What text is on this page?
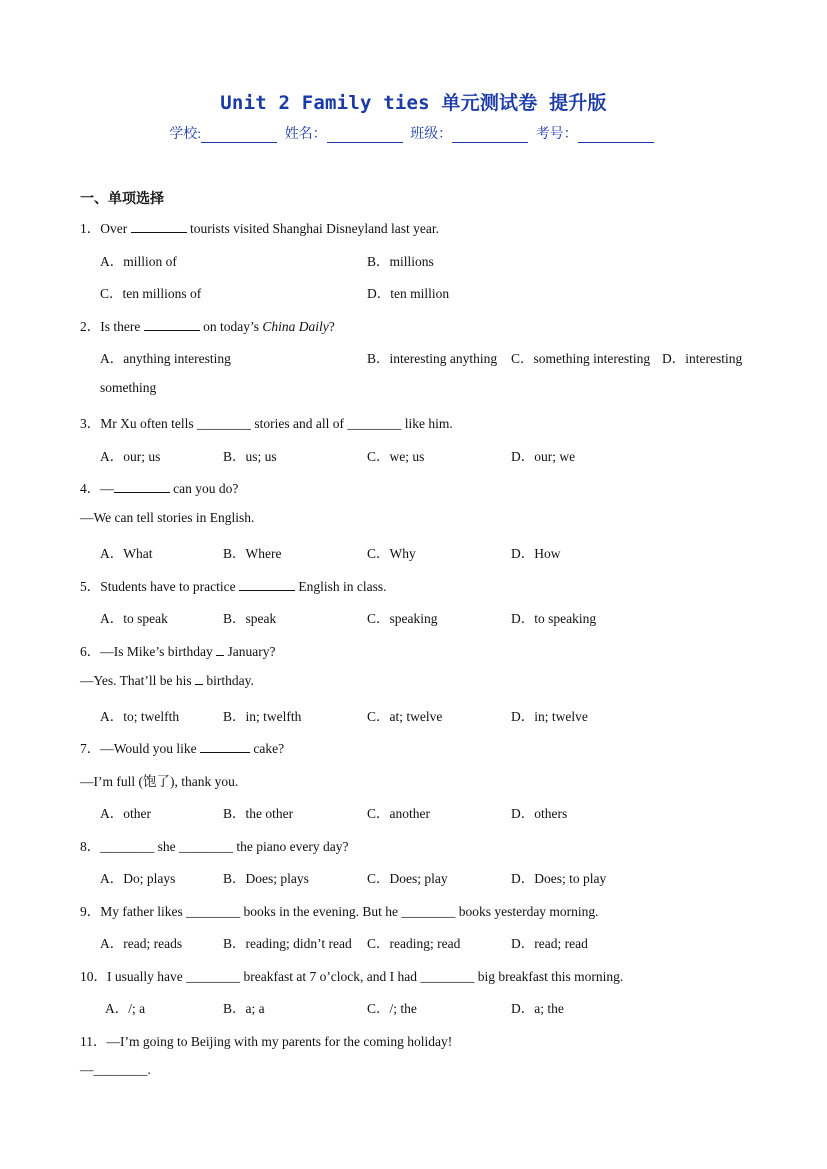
Unit 2 Family ties 单元测试卷 提升版
学校:	姓名：	班级：	考号：
一、单项选择
1．Over	tourists visited Shanghai Disneyland last year.
A．million of	B．millions
C．ten millions of	D．ten million
2．Is there	on today’s China Daily?
A．anything interesting	B．interesting anything C．something interesting D．interesting
something
3．Mr Xu often tells ________ stories and all of ________ like him.
A．our; us	B．us; us	C．we; us	D．our; we
4．—	can you do?
—We can tell stories in English.
A．What	B．Where	C．Why	D．How
5．Students have to practice	English in class.
A．to speak	B．speak	C．speaking	D．to speaking
6．—Is Mike’s birthday January?
—Yes. That’ll be his birthday.
A．to; twelfth	B．in; twelfth	C．at; twelve	D．in; twelve
7．—Would you like	cake?
—I’m full (饱了), thank you.
A．other	B．the other	C．another	D．others
8．________ she ________ the piano every day?
A．Do; plays	B．Does; plays	C．Does; play	D．Does; to play
9．My father likes ________ books in the evening. But he ________ books yesterday morning.
A．read; reads	B．reading; didn’t read C．reading; read	D．read; read
10．I usually have ________ breakfast at 7 o’clock, and I had ________ big breakfast this morning.
A．/; a	B．a; a	C．/; the	D．a; the
11．—I’m going to Beijing with my parents for the coming holiday!
—________.
